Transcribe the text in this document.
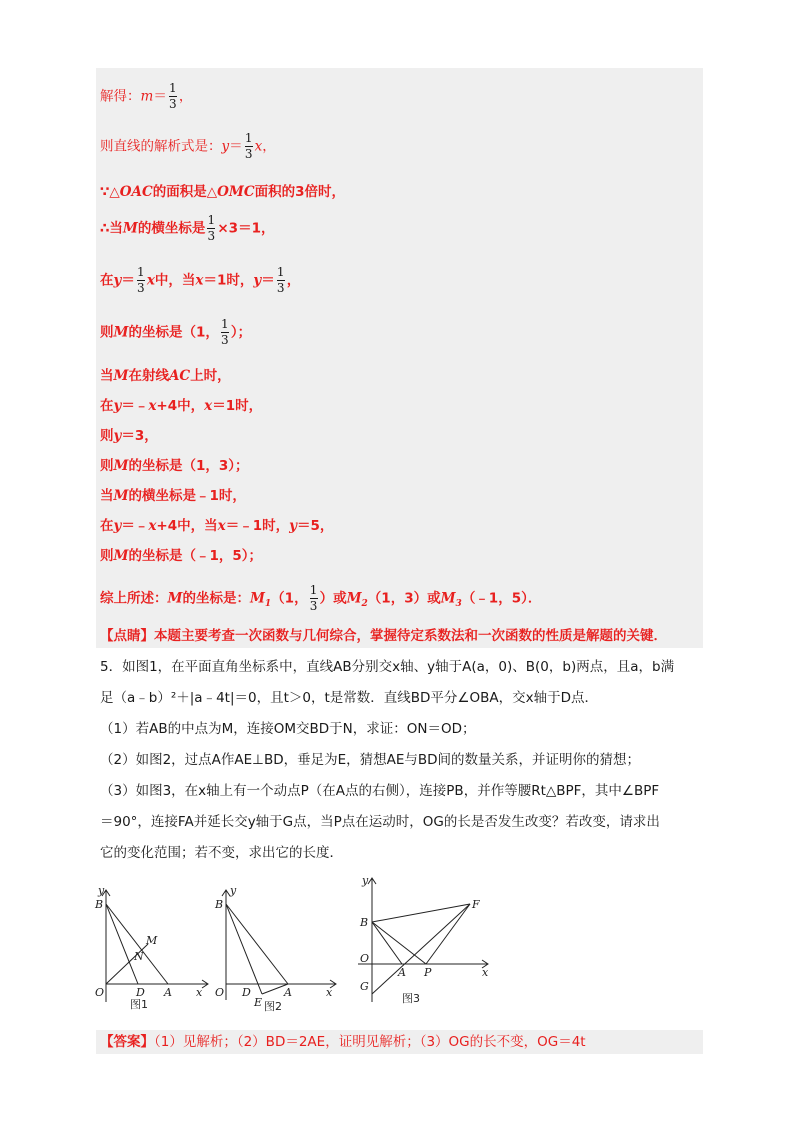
解得：$m= \frac{1}{3}$ ，
则直线的解析式是：$y= \frac{1}{3}$ x，
∵△OAC的面积是△OMC面积的3倍时，
∴当M的横坐标是 $\frac{1}{3} \times 3=1$，
在$y= \frac{1}{3}$ x中，当x＝1时，$y= \frac{1}{3}$ ，
则M的坐标是（1， $\frac{1}{3}$ ）；
当M在射线AC上时，
在y＝﹣x+4中，x＝1时，
则y＝3，
则M的坐标是（1，3）；
当M的横坐标是﹣1时，
在y＝﹣x+4中，当x＝﹣1时，y＝5，
则M的坐标是（﹣1，5）；
综上所述：M的坐标是：$M_1(1$， $\frac{1}{3}$ ）或$M_2(1$，3）或$M_3(﹣1$，5）．
【点睛】本题主要考查一次函数与几何综合，掌握待定系数法和一次函数的性质是解题的关键．
5．如图1，在平面直角坐标系中，直线AB分别交x轴、y轴于A(a，0)、B(0，b)两点，且a，b满
足（a﹣b）²＋|a﹣4t|＝0，且t＞0，t是常数．直线BD平分∠OBA，交x轴于D点．
（1）若AB的中点为M，连接OM交BD于N，求证：ON＝OD；
（2）如图2，过点A作AE⊥BD，垂足为E，猜想AE与BD间的数量关系，并证明你的猜想；
（3）如图3，在x轴上有一个动点P（在A点的右侧），连接PB，并作等腰Rt△BPF，其中∠BPF
＝90°，连接FA并延长交y轴于G点，当P点在运动时，OG的长是否发生改变？若改变，请求出
它的变化范围；若不变，求出它的长度．
y
B
M
N
O	D A x
图1
y
B
O D	A
E
x
图2
y
F
B
O
A P	x
G
图3
【答案】（1）见解析；（2）BD＝2AE，证明见解析；（3）OG的长不变，OG＝4t
